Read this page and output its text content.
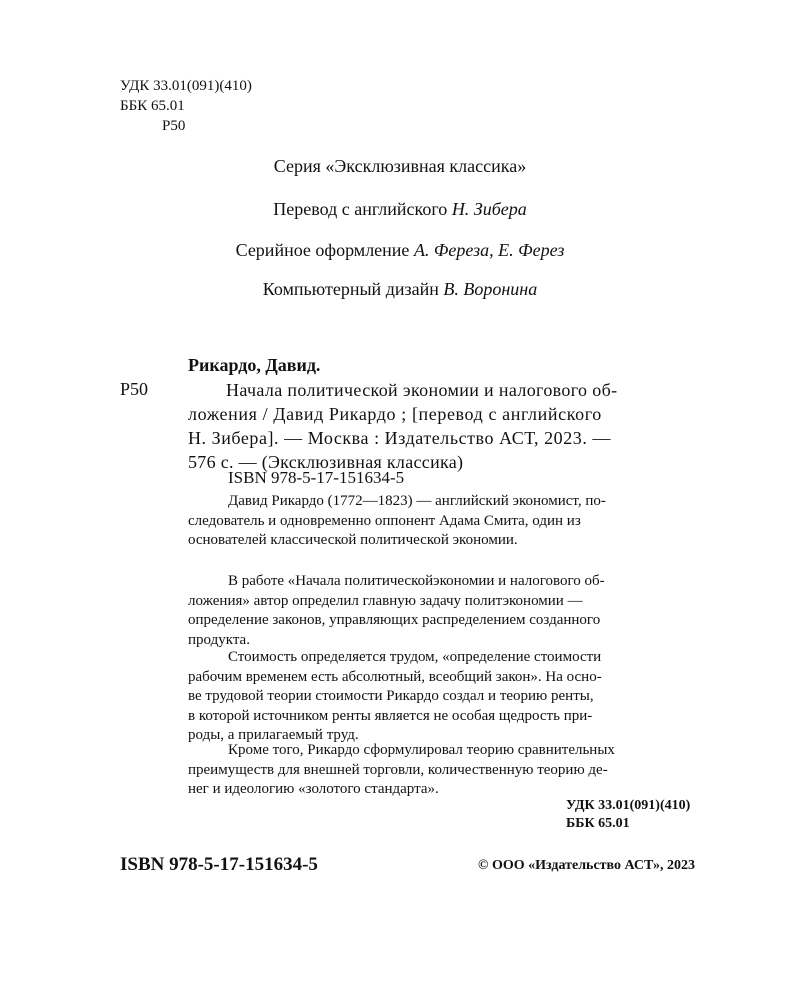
УДК 33.01(091)(410)
ББК 65.01
Р50
Серия «Эксклюзивная классика»
Перевод с английского Н. Зибера
Серийное оформление А. Фереза, Е. Ферез
Компьютерный дизайн В. Воронина
Рикардо, Давид.
Р50	Начала политической экономии и налогового об-
ложения / Давид Рикардо ; [перевод с английского
Н. Зибера]. — Москва : Издательство АСТ, 2023. —
576 с. — (Эксклюзивная классика)
ISBN 978-5-17-151634-5
Давид Рикардо (1772—1823) — английский экономист, по-
следователь и одновременно оппонент Адама Смита, один из
основателей классической политической экономии.
В работе «Начала политическойэкономии и налогового об-
ложения» автор определил главную задачу политэкономии —
определение законов, управляющих распределением созданного
продукта.
Стоимость определяется трудом, «определение стоимости
рабочим временем есть абсолютный, всеобщий закон». На осно-
ве трудовой теории стоимости Рикардо создал и теорию ренты,
в которой источником ренты является не особая щедрость при-
роды, а прилагаемый труд.
Кроме того, Рикардо сформулировал теорию сравнительных
преимуществ для внешней торговли, количественную теорию де-
нег и идеологию «золотого стандарта».
УДК 33.01(091)(410)
ББК 65.01
ISBN 978-5-17-151634-5	© ООО «Издательство АСТ», 2023
